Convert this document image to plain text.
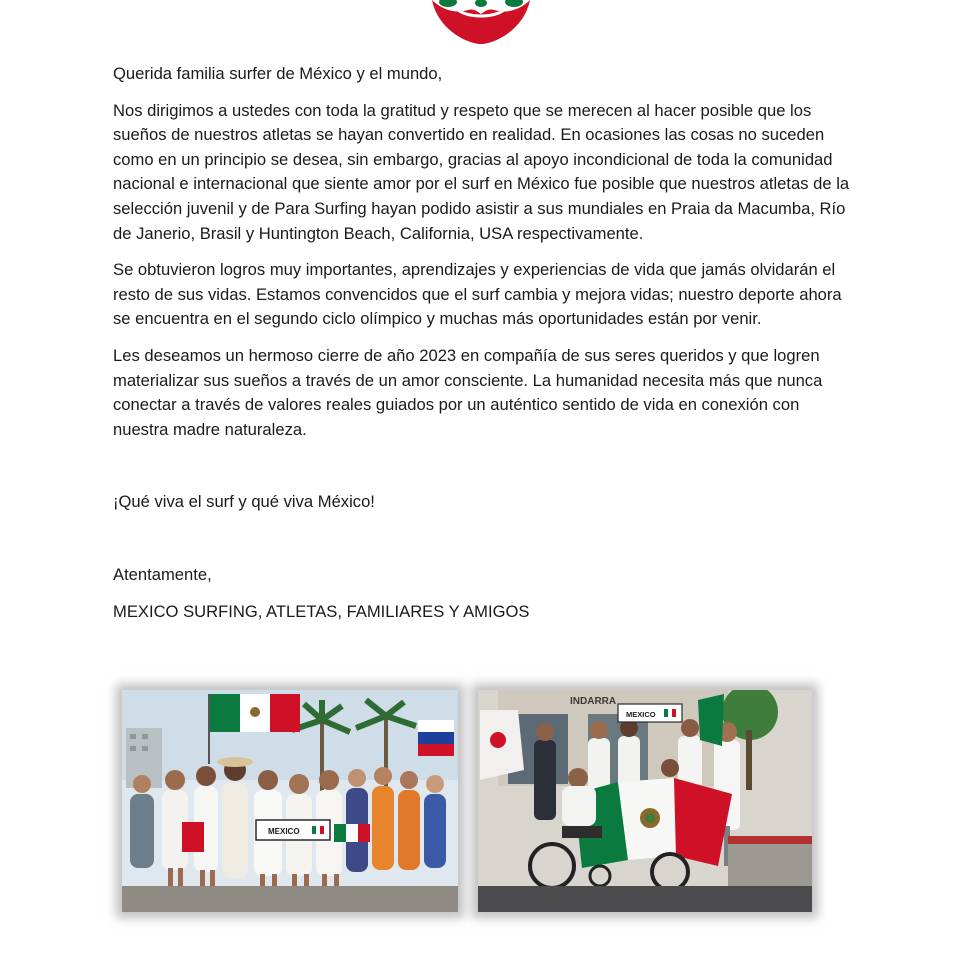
Querida familia surfer de México y el mundo,

Nos dirigimos a ustedes con toda la gratitud y respeto que se merecen al hacer posible que los sueños de nuestros atletas se hayan convertido en realidad. En ocasiones las cosas no suceden como en un principio se desea, sin embargo, gracias al apoyo incondicional de toda la comunidad nacional e internacional que siente amor por el surf en México fue posible que nuestros atletas de la selección juvenil y de Para Surfing hayan podido asistir a sus mundiales en Praia da Macumba, Río de Janerio, Brasil y Huntington Beach, California, USA respectivamente.

Se obtuvieron logros muy importantes, aprendizajes y experiencias de vida que jamás olvidarán el resto de sus vidas. Estamos convencidos que el surf cambia y mejora vidas; nuestro deporte ahora se encuentra en el segundo ciclo olímpico y muchas más oportunidades están por venir.

Les deseamos un hermoso cierre de año 2023 en compañía de sus seres queridos y que logren materializar sus sueños a través de un amor consciente. La humanidad necesita más que nunca conectar a través de valores reales guiados por un auténtico sentido de vida en conexión con nuestra madre naturaleza.

¡Qué viva el surf y qué viva México!

Atentamente,

MEXICO SURFING, ATLETAS, FAMILIARES Y AMIGOS

MEXICO
INDARRA
MEXICO
